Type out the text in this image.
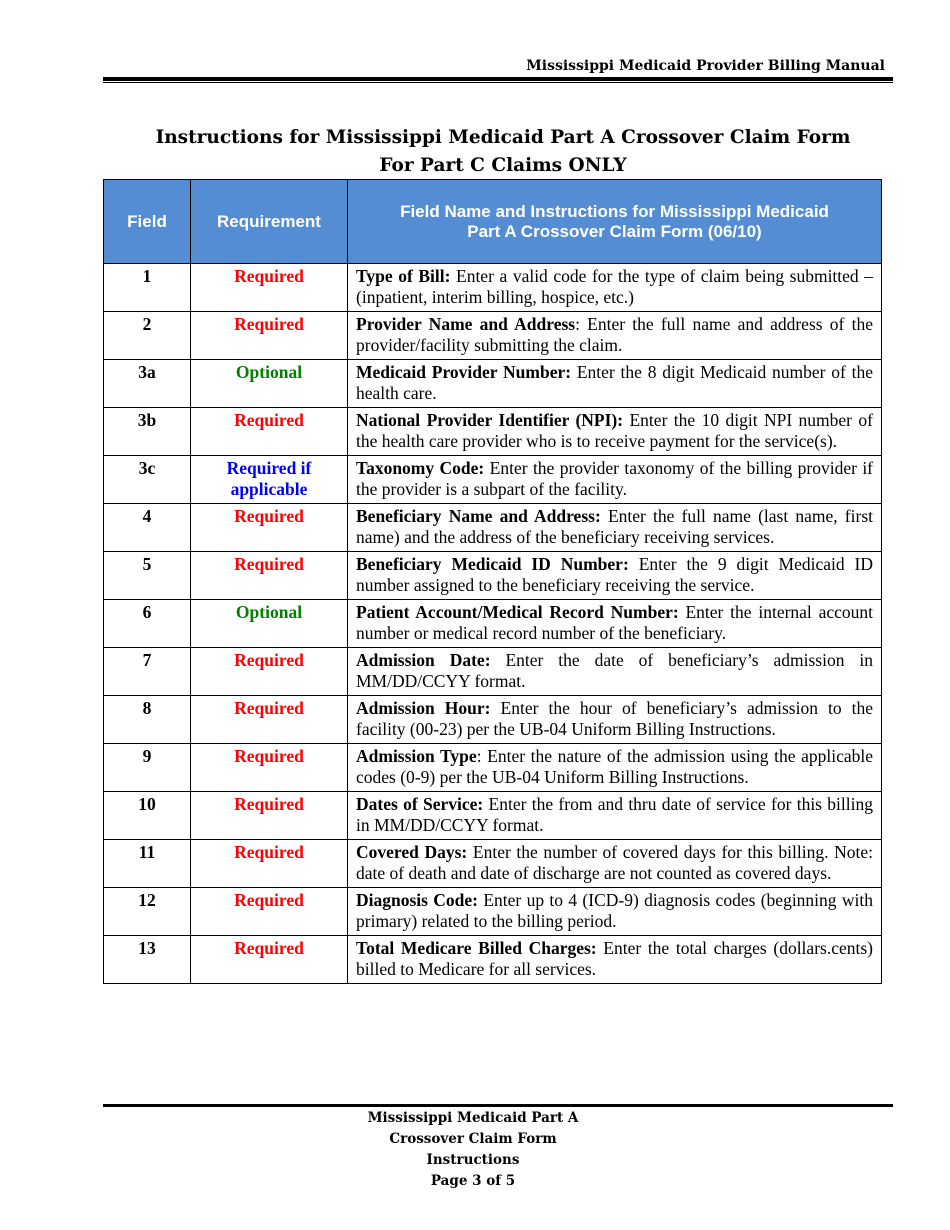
Mississippi Medicaid Provider Billing Manual
Instructions for Mississippi Medicaid Part A Crossover Claim Form
For Part C Claims ONLY
Field	Requirement	Field Name and Instructions for Mississippi Medicaid
Part A Crossover Claim Form (06/10)

1	Required	Type of Bill: Enter a valid code for the type of claim being submitted – (inpatient, interim billing, hospice, etc.)
2	Required	Provider Name and Address: Enter the full name and address of the provider/facility submitting the claim.
3a	Optional	Medicaid Provider Number: Enter the 8 digit Medicaid number of the health care.
3b	Required	National Provider Identifier (NPI): Enter the 10 digit NPI number of the health care provider who is to receive payment for the service(s).
3c	Required if applicable	Taxonomy Code: Enter the provider taxonomy of the billing provider if the provider is a subpart of the facility.
4	Required	Beneficiary Name and Address: Enter the full name (last name, first name) and the address of the beneficiary receiving services.
5	Required	Beneficiary Medicaid ID Number: Enter the 9 digit Medicaid ID number assigned to the beneficiary receiving the service.
6	Optional	Patient Account/Medical Record Number: Enter the internal account number or medical record number of the beneficiary.
7	Required	Admission Date: Enter the date of beneficiary’s admission in MM/DD/CCYY format.
8	Required	Admission Hour: Enter the hour of beneficiary’s admission to the facility (00-23) per the UB-04 Uniform Billing Instructions.
9	Required	Admission Type: Enter the nature of the admission using the applicable codes (0-9) per the UB-04 Uniform Billing Instructions.
10	Required	Dates of Service: Enter the from and thru date of service for this billing in MM/DD/CCYY format.
11	Required	Covered Days: Enter the number of covered days for this billing. Note: date of death and date of discharge are not counted as covered days.
12	Required	Diagnosis Code: Enter up to 4 (ICD-9) diagnosis codes (beginning with primary) related to the billing period.
13	Required	Total Medicare Billed Charges: Enter the total charges (dollars.cents) billed to Medicare for all services.
Mississippi Medicaid Part A
Crossover Claim Form
Instructions
Page 3 of 5
